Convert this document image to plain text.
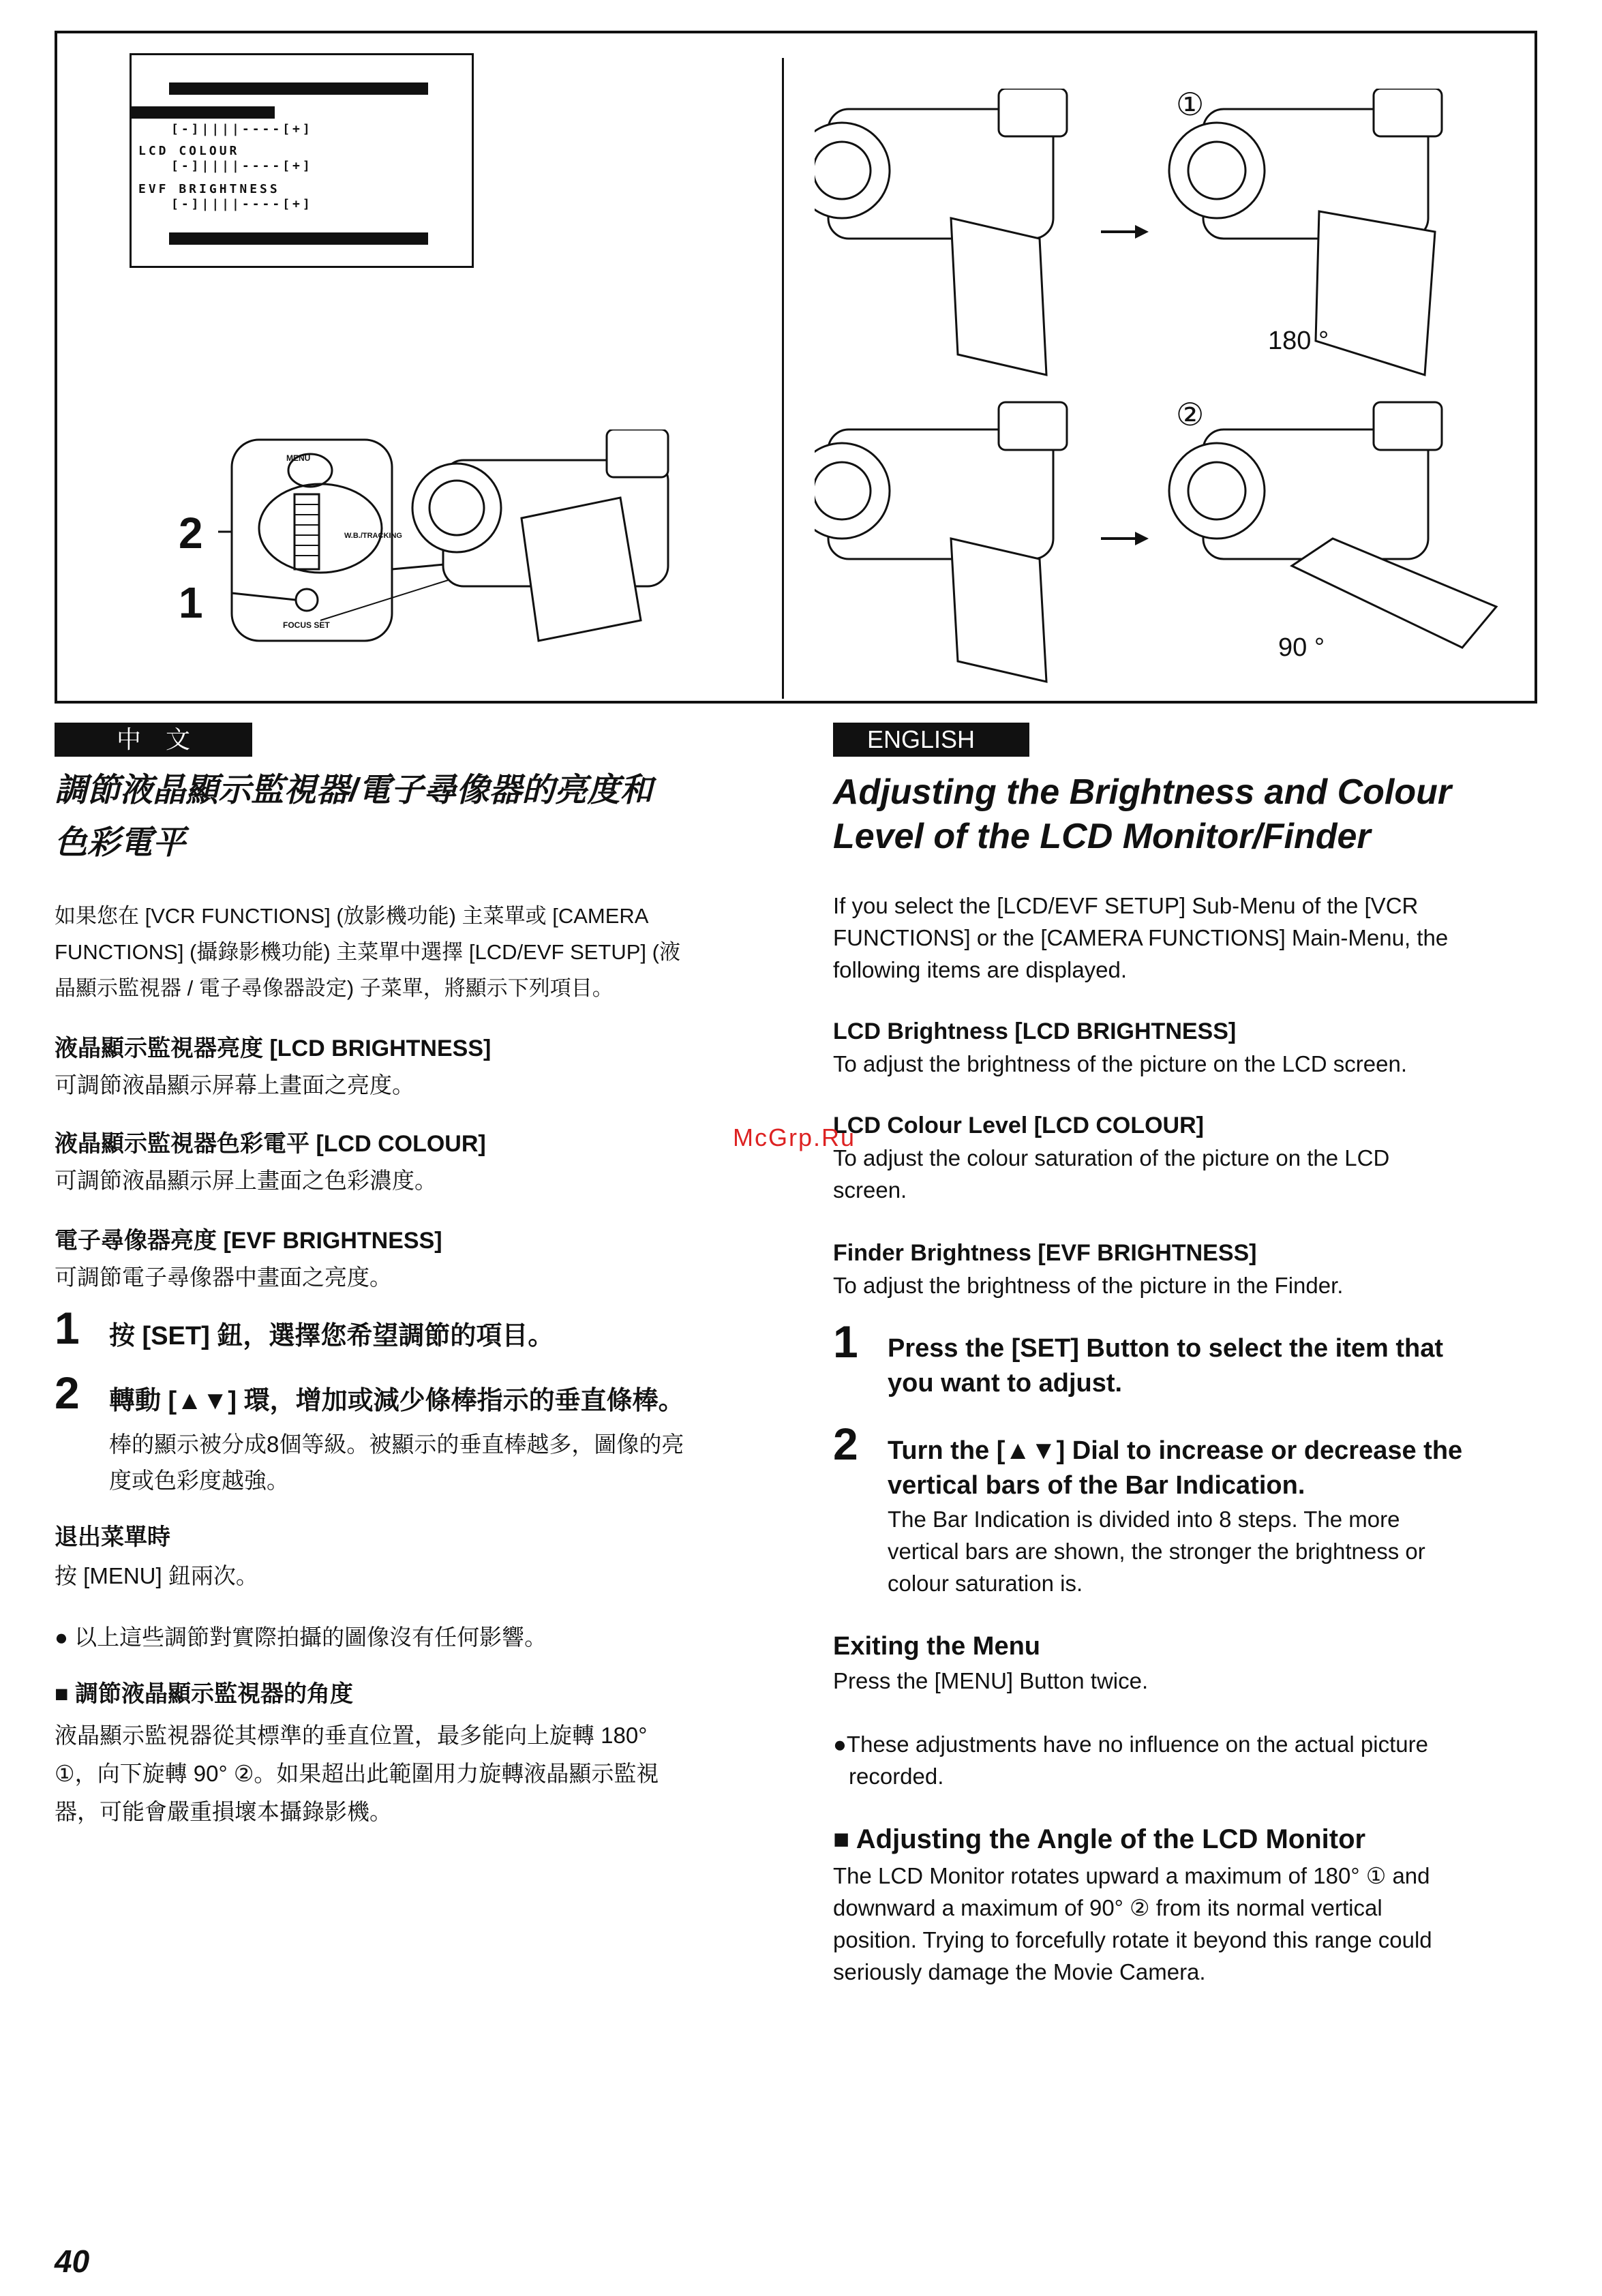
[-]||||----[+]
LCD COLOUR
[-]||||----[+]
EVF BRIGHTNESS
[-]||||----[+]
MENU
W.B./TRACKING
FOCUS SET
2
1
①
②
180 °
90 °
中　文
調節液晶顯示監視器/電子尋像器的亮度和
色彩電平
如果您在 [VCR FUNCTIONS] (放影機功能) 主菜單或 [CAMERA
FUNCTIONS] (攝錄影機功能) 主菜單中選擇 [LCD/EVF SETUP] (液
晶顯示監視器 / 電子尋像器設定) 子菜單，將顯示下列項目。
液晶顯示監視器亮度 [LCD BRIGHTNESS]
可調節液晶顯示屏幕上畫面之亮度。
液晶顯示監視器色彩電平 [LCD COLOUR]
可調節液晶顯示屏上畫面之色彩濃度。
電子尋像器亮度 [EVF BRIGHTNESS]
可調節電子尋像器中畫面之亮度。
1 按 [SET] 鈕，選擇您希望調節的項目。
2 轉動 [▲▼] 環，增加或減少條棒指示的垂直條棒。
棒的顯示被分成8個等級。被顯示的垂直棒越多，圖像的亮
度或色彩度越強。
退出菜單時
按 [MENU] 鈕兩次。
● 以上這些調節對實際拍攝的圖像沒有任何影響。
■ 調節液晶顯示監視器的角度
液晶顯示監視器從其標準的垂直位置，最多能向上旋轉 180°
①，向下旋轉 90° ②。如果超出此範圍用力旋轉液晶顯示監視
器，可能會嚴重損壞本攝錄影機。
ENGLISH
Adjusting the Brightness and Colour
Level of the LCD Monitor/Finder
If you select the [LCD/EVF SETUP] Sub-Menu of the [VCR
FUNCTIONS] or the [CAMERA FUNCTIONS] Main-Menu, the
following items are displayed.
LCD Brightness [LCD BRIGHTNESS]
To adjust the brightness of the picture on the LCD screen.
LCD Colour Level [LCD COLOUR]
To adjust the colour saturation of the picture on the LCD
screen.
Finder Brightness [EVF BRIGHTNESS]
To adjust the brightness of the picture in the Finder.
1 Press the [SET] Button to select the item that
you want to adjust.
2 Turn the [▲▼] Dial to increase or decrease the
vertical bars of the Bar Indication.
The Bar Indication is divided into 8 steps. The more
vertical bars are shown, the stronger the brightness or
colour saturation is.
Exiting the Menu
Press the [MENU] Button twice.
●These adjustments have no influence on the actual picture
recorded.
■ Adjusting the Angle of the LCD Monitor
The LCD Monitor rotates upward a maximum of 180° ① and
downward a maximum of 90° ② from its normal vertical
position. Trying to forcefully rotate it beyond this range could
seriously damage the Movie Camera.
McGrp.Ru
40
